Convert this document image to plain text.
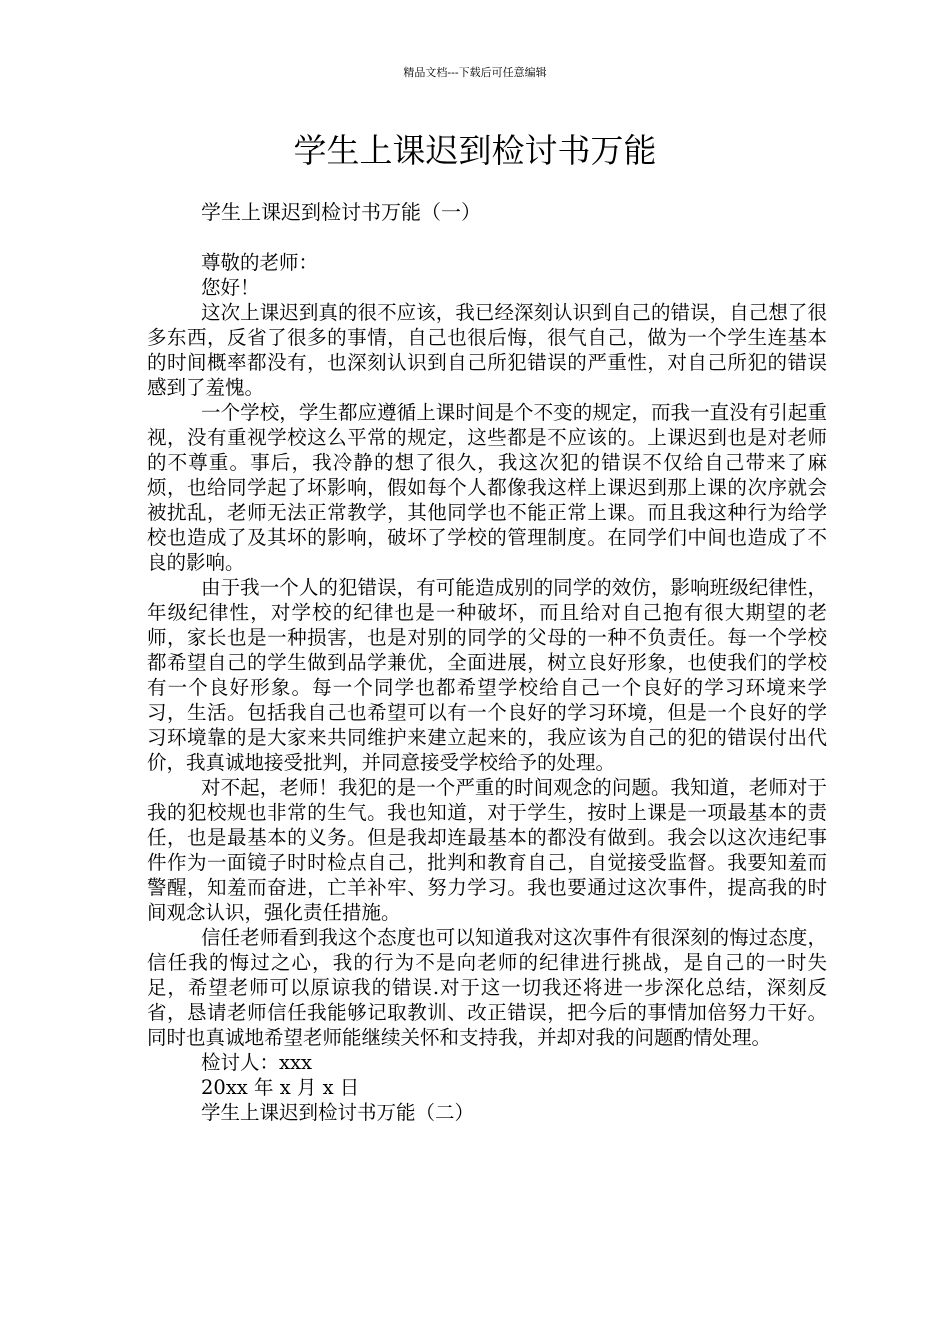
精品文档---下载后可任意编辑
学生上课迟到检讨书万能
学生上课迟到检讨书万能（一）

尊敬的老师：

您好！

这次上课迟到真的很不应该，我已经深刻认识到自己的错误，自己想了很多东西，反省了很多的事情，自己也很后悔，很气自己，做为一个学生连基本的时间概率都没有，也深刻认识到自己所犯错误的严重性，对自己所犯的错误感到了羞愧。

一个学校，学生都应遵循上课时间是个不变的规定，而我一直没有引起重视，没有重视学校这么平常的规定，这些都是不应该的。上课迟到也是对老师的不尊重。事后，我冷静的想了很久，我这次犯的错误不仅给自己带来了麻烦，也给同学起了坏影响，假如每个人都像我这样上课迟到那上课的次序就会被扰乱，老师无法正常教学，其他同学也不能正常上课。而且我这种行为给学校也造成了及其坏的影响，破坏了学校的管理制度。在同学们中间也造成了不良的影响。

由于我一个人的犯错误，有可能造成别的同学的效仿，影响班级纪律性，年级纪律性，对学校的纪律也是一种破坏，而且给对自己抱有很大期望的老师，家长也是一种损害，也是对别的同学的父母的一种不负责任。每一个学校都希望自己的学生做到品学兼优，全面进展，树立良好形象，也使我们的学校有一个良好形象。每一个同学也都希望学校给自己一个良好的学习环境来学习，生活。包括我自己也希望可以有一个良好的学习环境，但是一个良好的学习环境靠的是大家来共同维护来建立起来的，我应该为自己的犯的错误付出代价，我真诚地接受批判，并同意接受学校给予的处理。

对不起，老师！我犯的是一个严重的时间观念的问题。我知道，老师对于我的犯校规也非常的生气。我也知道，对于学生，按时上课是一项最基本的责任，也是最基本的义务。但是我却连最基本的都没有做到。我会以这次违纪事件作为一面镜子时时检点自己，批判和教育自己，自觉接受监督。我要知羞而警醒，知羞而奋进，亡羊补牢、努力学习。我也要通过这次事件，提高我的时间观念认识，强化责任措施。

信任老师看到我这个态度也可以知道我对这次事件有很深刻的悔过态度，信任我的悔过之心，我的行为不是向老师的纪律进行挑战，是自己的一时失足，希望老师可以原谅我的错误.对于这一切我还将进一步深化总结，深刻反省，恳请老师信任我能够记取教训、改正错误，把今后的事情加倍努力干好。同时也真诚地希望老师能继续关怀和支持我，并却对我的问题酌情处理。

检讨人：xxx

20xx 年 x 月 x 日

学生上课迟到检讨书万能（二）
